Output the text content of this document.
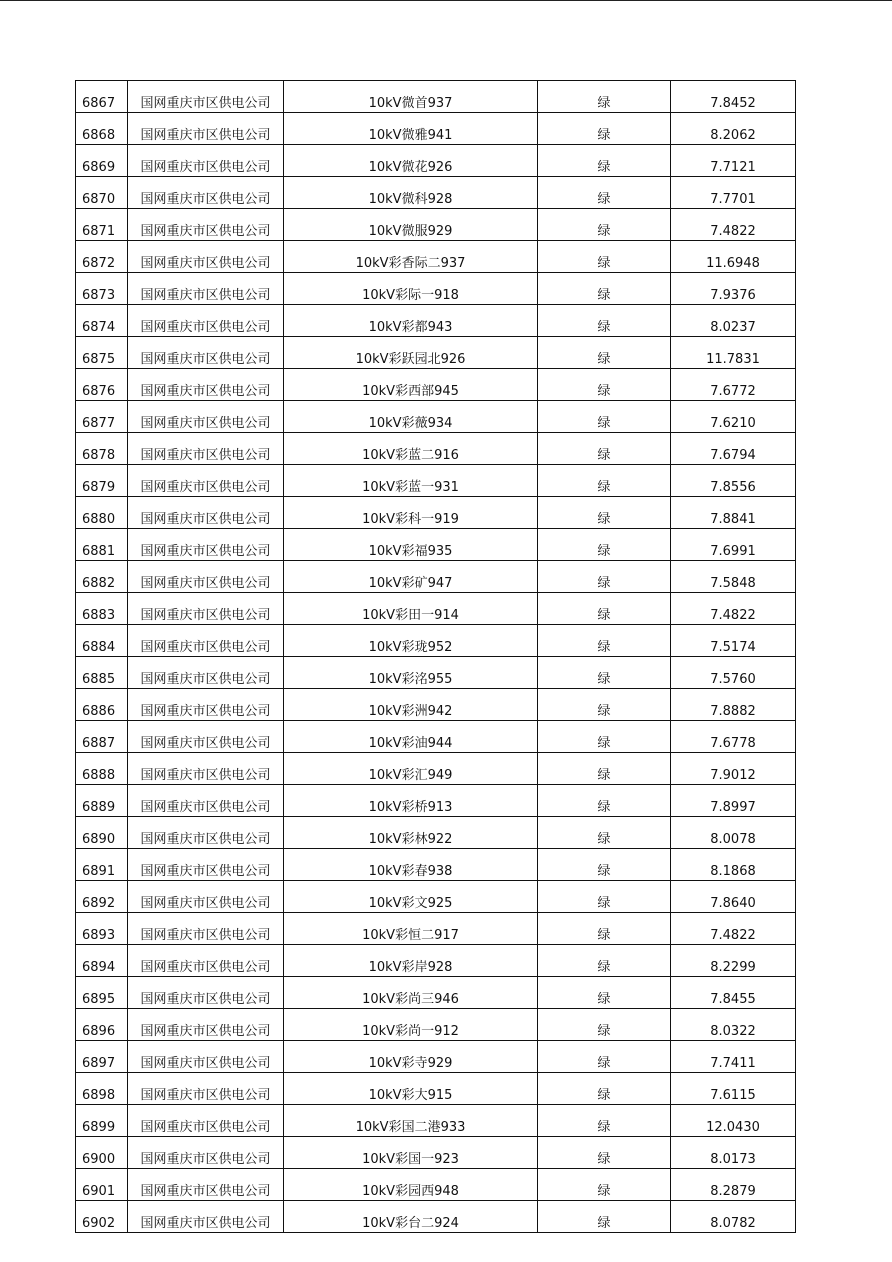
6867	国网重庆市区供电公司	10kV微首937	绿	7.8452
6868	国网重庆市区供电公司	10kV微雅941	绿	8.2062
6869	国网重庆市区供电公司	10kV微花926	绿	7.7121
6870	国网重庆市区供电公司	10kV微科928	绿	7.7701
6871	国网重庆市区供电公司	10kV微服929	绿	7.4822
6872	国网重庆市区供电公司	10kV彩香际二937	绿	11.6948
6873	国网重庆市区供电公司	10kV彩际一918	绿	7.9376
6874	国网重庆市区供电公司	10kV彩都943	绿	8.0237
6875	国网重庆市区供电公司	10kV彩跃园北926	绿	11.7831
6876	国网重庆市区供电公司	10kV彩西部945	绿	7.6772
6877	国网重庆市区供电公司	10kV彩薇934	绿	7.6210
6878	国网重庆市区供电公司	10kV彩蓝二916	绿	7.6794
6879	国网重庆市区供电公司	10kV彩蓝一931	绿	7.8556
6880	国网重庆市区供电公司	10kV彩科一919	绿	7.8841
6881	国网重庆市区供电公司	10kV彩福935	绿	7.6991
6882	国网重庆市区供电公司	10kV彩矿947	绿	7.5848
6883	国网重庆市区供电公司	10kV彩田一914	绿	7.4822
6884	国网重庆市区供电公司	10kV彩珑952	绿	7.5174
6885	国网重庆市区供电公司	10kV彩洺955	绿	7.5760
6886	国网重庆市区供电公司	10kV彩洲942	绿	7.8882
6887	国网重庆市区供电公司	10kV彩油944	绿	7.6778
6888	国网重庆市区供电公司	10kV彩汇949	绿	7.9012
6889	国网重庆市区供电公司	10kV彩桥913	绿	7.8997
6890	国网重庆市区供电公司	10kV彩林922	绿	8.0078
6891	国网重庆市区供电公司	10kV彩春938	绿	8.1868
6892	国网重庆市区供电公司	10kV彩文925	绿	7.8640
6893	国网重庆市区供电公司	10kV彩恒二917	绿	7.4822
6894	国网重庆市区供电公司	10kV彩岸928	绿	8.2299
6895	国网重庆市区供电公司	10kV彩尚三946	绿	7.8455
6896	国网重庆市区供电公司	10kV彩尚一912	绿	8.0322
6897	国网重庆市区供电公司	10kV彩寺929	绿	7.7411
6898	国网重庆市区供电公司	10kV彩大915	绿	7.6115
6899	国网重庆市区供电公司	10kV彩国二港933	绿	12.0430
6900	国网重庆市区供电公司	10kV彩国一923	绿	8.0173
6901	国网重庆市区供电公司	10kV彩园西948	绿	8.2879
6902	国网重庆市区供电公司	10kV彩台二924	绿	8.0782
